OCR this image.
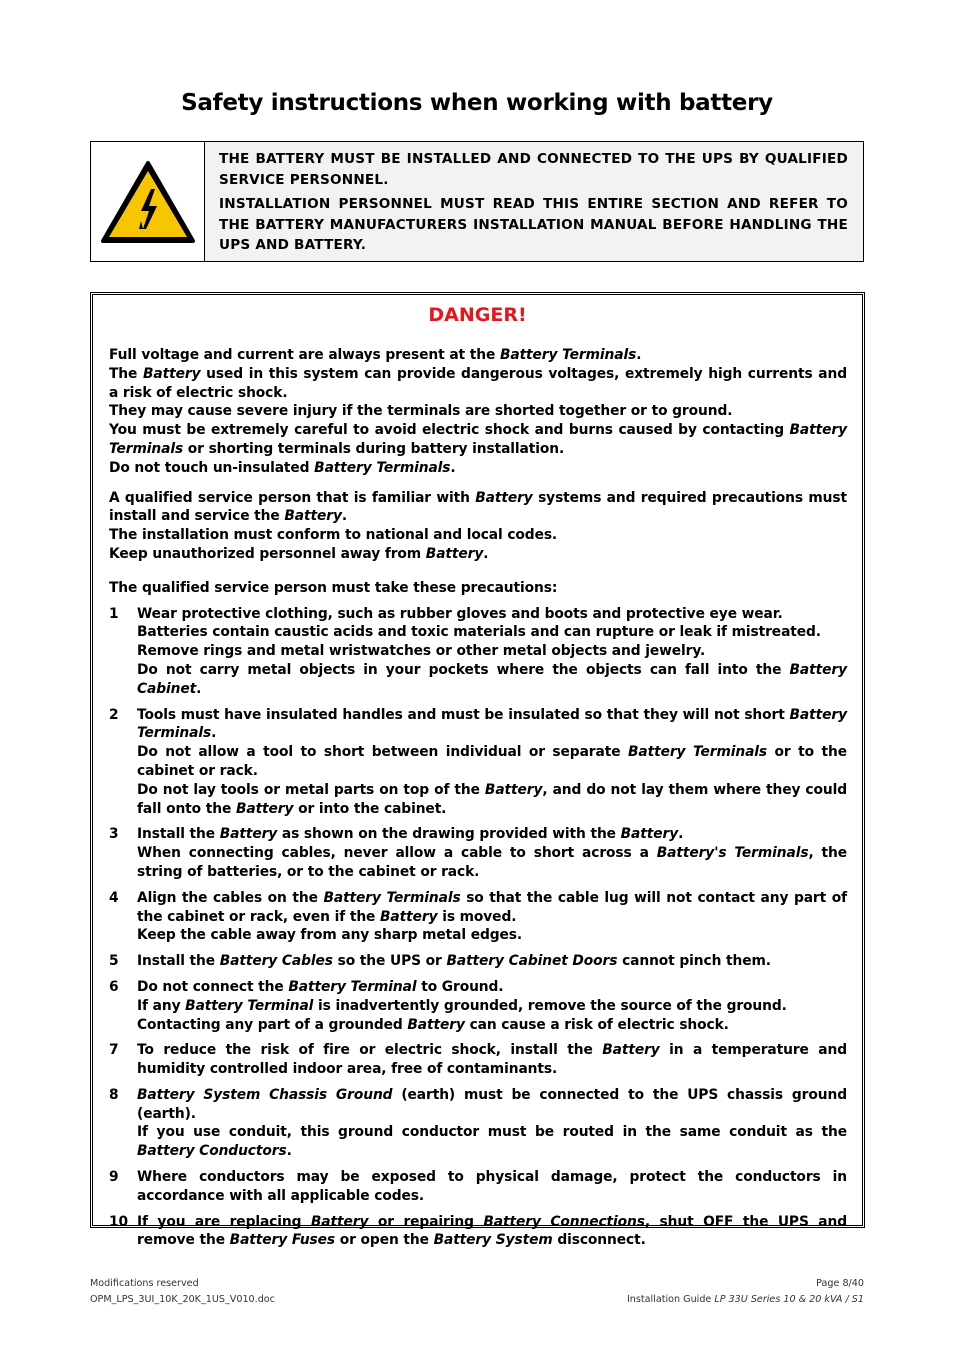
Safety instructions when working with battery

THE BATTERY MUST BE INSTALLED AND CONNECTED TO THE UPS BY QUALIFIED SERVICE PERSONNEL.

INSTALLATION PERSONNEL MUST READ THIS ENTIRE SECTION AND REFER TO THE BATTERY MANUFACTURERS INSTALLATION MANUAL BEFORE HANDLING THE UPS AND BATTERY.

DANGER!
Full voltage and current are always present at the Battery Terminals.
The Battery used in this system can provide dangerous voltages, extremely high currents and a risk of electric shock.
They may cause severe injury if the terminals are shorted together or to ground.
You must be extremely careful to avoid electric shock and burns caused by contacting Battery Terminals or shorting terminals during battery installation.
Do not touch un-insulated Battery Terminals.
A qualified service person that is familiar with Battery systems and required precautions must install and service the Battery.
The installation must conform to national and local codes.
Keep unauthorized personnel away from Battery.
The qualified service person must take these precautions:
1	Wear protective clothing, such as rubber gloves and boots and protective eye wear.
Batteries contain caustic acids and toxic materials and can rupture or leak if mistreated.
Remove rings and metal wristwatches or other metal objects and jewelry.
Do not carry metal objects in your pockets where the objects can fall into the Battery Cabinet.
2	Tools must have insulated handles and must be insulated so that they will not short Battery Terminals.
Do not allow a tool to short between individual or separate Battery Terminals or to the cabinet or rack.
Do not lay tools or metal parts on top of the Battery, and do not lay them where they could fall onto the Battery or into the cabinet.
3	Install the Battery as shown on the drawing provided with the Battery.
When connecting cables, never allow a cable to short across a Battery's Terminals, the string of batteries, or to the cabinet or rack.
4	Align the cables on the Battery Terminals so that the cable lug will not contact any part of the cabinet or rack, even if the Battery is moved.
Keep the cable away from any sharp metal edges.
5	Install the Battery Cables so the UPS or Battery Cabinet Doors cannot pinch them.
6	Do not connect the Battery Terminal to Ground.
If any Battery Terminal is inadvertently grounded, remove the source of the ground.
Contacting any part of a grounded Battery can cause a risk of electric shock.
7	To reduce the risk of fire or electric shock, install the Battery in a temperature and humidity controlled indoor area, free of contaminants.
8	Battery System Chassis Ground (earth) must be connected to the UPS chassis ground (earth).
If you use conduit, this ground conductor must be routed in the same conduit as the Battery Conductors.
9	Where conductors may be exposed to physical damage, protect the conductors in accordance with all applicable codes.
10 If you are replacing Battery or repairing Battery Connections, shut OFF the UPS and remove the Battery Fuses or open the Battery System disconnect.
Modifications reserved
OPM_LPS_3UI_10K_20K_1US_V010.doc
Page 8/40
Installation Guide LP 33U Series 10 & 20 kVA / S1
